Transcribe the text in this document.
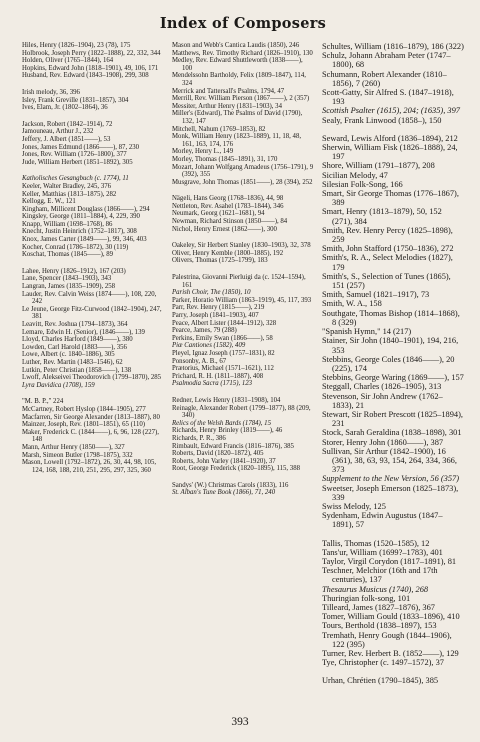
Index of Composers

Hiles, Henry (1826–1904), 23 (78), 175

Holbrook, Joseph Perry (1822–1888), 22, 332, 344

Holden, Oliver (1765–1844), 164

Hopkins, Edward John (1818–1901), 49, 106, 171

Husband, Rev. Edward (1843–1908), 299, 308

Irish melody, 36, 396

Isley, Frank Greville (1831–1857), 304

Ives, Elam, Jr. (1802–1864), 36

Jackson, Robert (1842–1914), 72

Jamouneau, Arthur J., 232

Jeffery, J. Albert (1851——), 53

Jones, James Edmund (1866——), 87, 230

Jones, Rev. William (1726–1800), 377

Jude, William Herbert (1851–1892), 305

Katholisches Gesangbuch (c. 1774), 11

Keeler, Walter Bradley, 245, 376

Keller, Matthias (1813–1875), 282

Kellogg, E. W., 121

Kingham, Millicent Douglass (1866——), 294

Kingsley, George (1811–1884), 4, 229, 390

Knapp, William (1698–1768), 86

Knecht, Justin Heinrich (1752–1817), 308

Knox, James Carter (1849——), 99, 346, 403

Kocher, Conrad (1786–1872), 30 (119)

Koschat, Thomas (1845——), 89

Lahee, Henry (1826–1912), 167 (203)

Lane, Spencer (1843–1903), 343

Langran, James (1835–1909), 258

Lauder, Rev. Calvin Weiss (1874——), 108, 220, 242

Le Jeune, George Fitz-Curwood (1842–1904), 247, 381

Leavitt, Rev. Joshua (1794–1873), 364

Lemare, Edwin H. (Senior), (1846——), 139

Lloyd, Charles Harford (1849——), 380

Lowden, Carl Harold (1883——), 356

Lowe, Albert (c. 1840–1886), 305

Luther, Rev. Martin (1483–1546), 62

Lutkin, Peter Christian (1858——), 138

Lwoff, Alekseivei Theodorovich (1799–1870), 285

Lyra Davidica (1708), 159

"M. B. P.," 224

McCartney, Robert Hyslop (1844–1905), 277

Macfarren, Sir George Alexander (1813–1887), 80

Mainzer, Joseph, Rev. (1801–1851), 65 (110)

Maker, Frederick C. (1844——), 6, 96, 128 (227), 148

Mann, Arthur Henry (1850——), 327

Marsh, Simeon Butler (1798–1875), 332

Mason, Lowell (1792–1872), 26, 30, 44, 98, 105, 124, 168, 188, 210, 251, 295, 297, 325, 360

Mason and Webb's Cantica Laudis (1850), 246

Matthews, Rev. Timothy Richard (1826–1910), 130

Medley, Rev. Edward Shuttleworth (1838——), 100

Mendelssohn Bartholdy, Felix (1809–1847), 114, 324

Merrick and Tattersall's Psalms, 1794, 47

Merrill, Rev. William Pierson (1867——), 2 (357)

Messiter, Arthur Henry (1831–1903), 34

Miller's (Edward), The Psalms of David (1790), 132, 147

Mitchell, Nahum (1769–1853), 82

Monk, William Henry (1823–1889), 11, 18, 48, 161, 163, 174, 176

Morley, Henry L., 149

Morley, Thomas (1845–1891), 31, 170

Mozart, Johann Wolfgang Amadeus (1756–1791), 9 (392), 355

Musgrave, John Thomas (1851——), 28 (394), 252

Nägeli, Hans Georg (1768–1836), 44, 98

Nettleton, Rev. Asahel (1783–1844), 346

Neumark, Georg (1621–1681), 94

Newman, Richard Stinson (1850——), 84

Nichol, Henry Ernest (1862——), 300

Oakeley, Sir Herbert Stanley (1830–1903), 32, 378

Oliver, Henry Kemble (1800–1885), 192

Olivers, Thomas (1725–1799), 183

Palestrina, Giovanni Pierluigi da (c. 1524–1594), 161

Parish Choir, The (1850), 10

Parker, Horatio William (1863–1919), 45, 117, 393

Parr, Rev. Henry (1815——), 219

Parry, Joseph (1841–1903), 407

Peace, Albert Lister (1844–1912), 328

Pearce, James, 79 (288)

Perkins, Emily Swan (1866——), 58

Piæ Cantiones (1582), 409

Pleyel, Ignaz Joseph (1757–1831), 82

Ponsonby, A. B., 67

Prætorius, Michael (1571–1621), 112

Prichard, R. H. (1811–1887), 408

Psalmodia Sacra (1715), 123

Redner, Lewis Henry (1831–1908), 104

Reinagle, Alexander Robert (1799–1877), 88 (209, 340)

Relics of the Welsh Bards (1784), 15

Richards, Henry Brinley (1819——), 46

Richards, P. R., 386

Rimbault, Edward Francis (1816–1876), 385

Roberts, David (1820–1872), 405

Roberts, John Varley (1841–1920), 37

Root, George Frederick (1820–1895), 115, 388

Sandys' (W.) Christmas Carols (1833), 116

St. Alban's Tune Book (1866), 71, 240

Schultes, William (1816–1879), 186 (322)

Schulz, Johann Abraham Peter (1747–1800), 68

Schumann, Robert Alexander (1810–1856), 7 (260)

Scott-Gatty, Sir Alfred S. (1847–1918), 193

Scottish Psalter (1615), 204; (1635), 397

Sealy, Frank Linwood (1858–), 150

Seward, Lewis Alford (1836–1894), 212

Sherwin, William Fisk (1826–1888), 24, 197

Shore, William (1791–1877), 208

Sicilian Melody, 47

Silesian Folk-Song, 166

Smart, Sir George Thomas (1776–1867), 389

Smart, Henry (1813–1879), 50, 152 (271), 384

Smith, Rev. Henry Percy (1825–1898), 259

Smith, John Stafford (1750–1836), 272

Smith's, R. A., Select Melodies (1827), 179

Smith's, S., Selection of Tunes (1865), 151 (257)

Smith, Samuel (1821–1917), 73

Smith, W. A., 158

Southgate, Thomas Bishop (1814–1868), 8 (329)

"Spanish Hymn," 14 (217)

Stainer, Sir John (1840–1901), 194, 216, 353

Stebbins, George Coles (1846——), 20 (225), 174

Stebbins, George Waring (1869——), 157

Steggall, Charles (1826–1905), 313

Stevenson, Sir John Andrew (1762–1833), 21

Stewart, Sir Robert Prescott (1825–1894), 231

Stock, Sarah Geraldina (1838–1898), 301

Storer, Henry John (1860——), 387

Sullivan, Sir Arthur (1842–1900), 16 (361), 38, 63, 93, 154, 264, 334, 366, 373

Supplement to the New Version, 56 (357)

Sweetser, Joseph Emerson (1825–1873), 339

Swiss Melody, 125

Sydenham, Edwin Augustus (1847–1891), 57

Tallis, Thomas (1520–1585), 12

Tans'ur, William (1699?–1783), 401

Taylor, Virgil Corydon (1817–1891), 81

Teschner, Melchior (16th and 17th centuries), 137

Thesaurus Musicus (1740), 268

Thuringian folk-song, 101

Tilleard, James (1827–1876), 367

Tomer, William Gould (1833–1896), 410

Tours, Berthold (1838–1897), 153

Tremhath, Henry Gough (1844–1906), 122 (395)

Turner, Rev. Herbert B. (1852——), 129

Tye, Christopher (c. 1497–1572), 37

Urhan, Chrétien (1790–1845), 385

393
